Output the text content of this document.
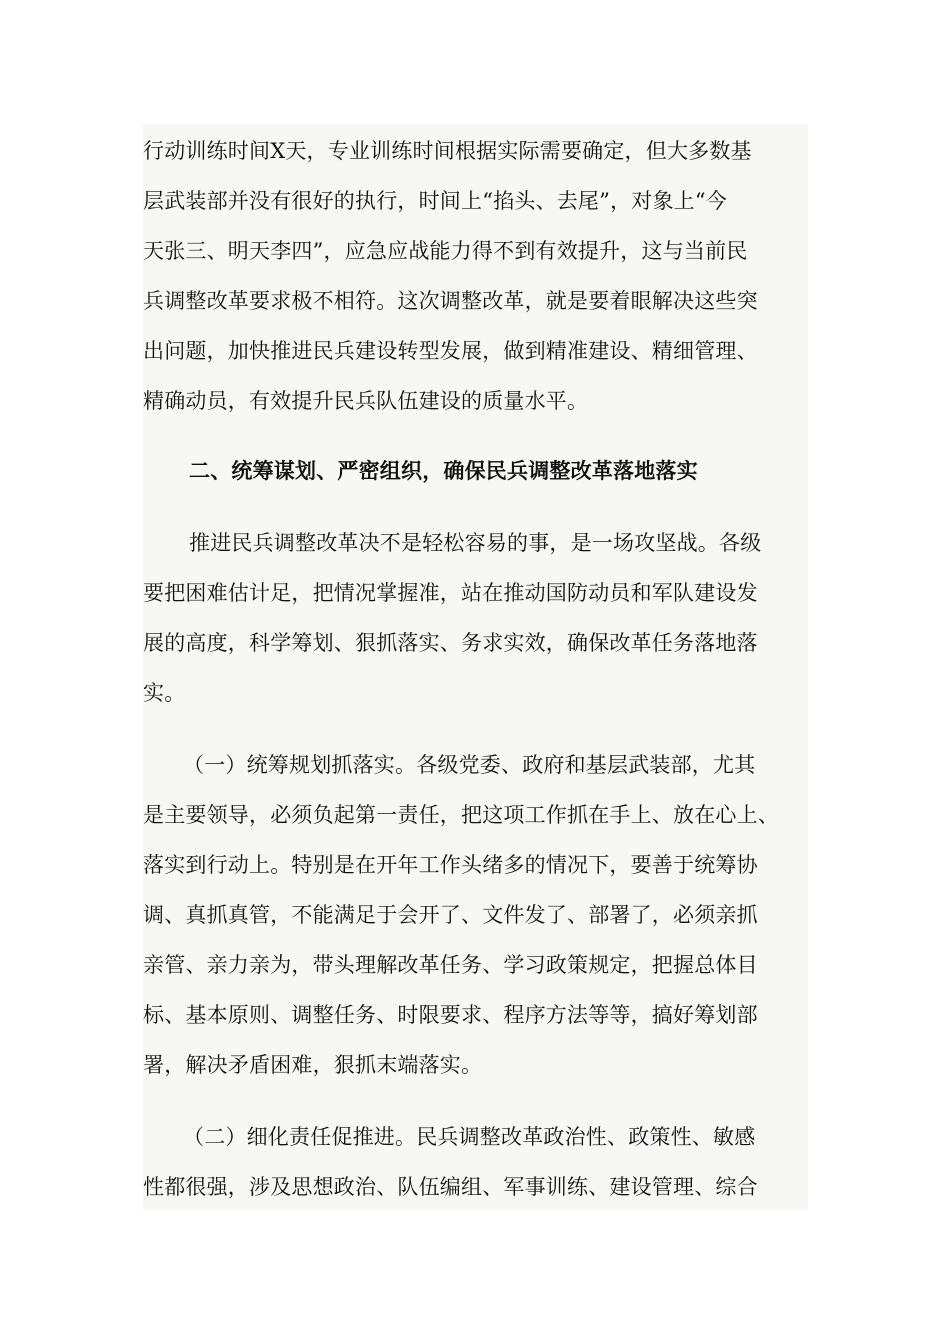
行动训练时间X天，专业训练时间根据实际需要确定，但大多数基
层武装部并没有很好的执行，时间上“掐头、去尾”，对象上“今
天张三、明天李四”，应急应战能力得不到有效提升，这与当前民
兵调整改革要求极不相符。这次调整改革，就是要着眼解决这些突
出问题，加快推进民兵建设转型发展，做到精准建设、精细管理、
精确动员，有效提升民兵队伍建设的质量水平。
二、统筹谋划、严密组织，确保民兵调整改革落地落实
推进民兵调整改革决不是轻松容易的事，是一场攻坚战。各级
要把困难估计足，把情况掌握准，站在推动国防动员和军队建设发
展的高度，科学筹划、狠抓落实、务求实效，确保改革任务落地落
实。
（一）统筹规划抓落实。各级党委、政府和基层武装部，尤其
是主要领导，必须负起第一责任，把这项工作抓在手上、放在心上、
落实到行动上。特别是在开年工作头绪多的情况下，要善于统筹协
调、真抓真管，不能满足于会开了、文件发了、部署了，必须亲抓
亲管、亲力亲为，带头理解改革任务、学习政策规定，把握总体目
标、基本原则、调整任务、时限要求、程序方法等等，搞好筹划部
署，解决矛盾困难，狠抓末端落实。
（二）细化责任促推进。民兵调整改革政治性、政策性、敏感
性都很强，涉及思想政治、队伍编组、军事训练、建设管理、综合
